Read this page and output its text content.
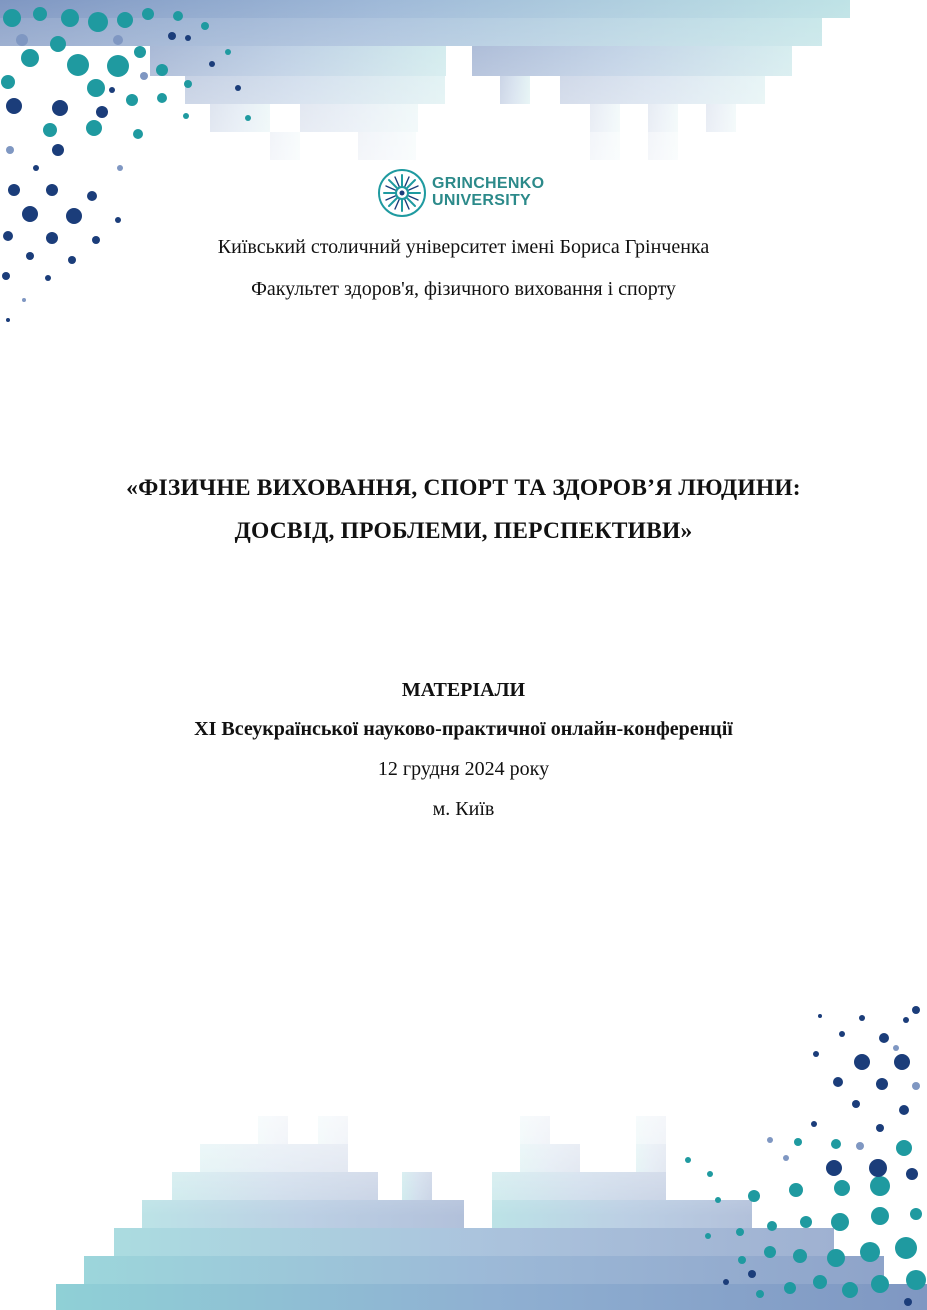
GRINCHENKO
UNIVERSITY
Київський столичний університет імені Бориса Грінченка
Факультет здоров'я, фізичного виховання і спорту
«ФІЗИЧНЕ ВИХОВАННЯ, СПОРТ ТА ЗДОРОВ’Я ЛЮДИНИ:
ДОСВІД, ПРОБЛЕМИ, ПЕРСПЕКТИВИ»
МАТЕРІАЛИ
ХІ Всеукраїнської науково-практичної онлайн-конференції
12 грудня 2024 року
м. Київ
